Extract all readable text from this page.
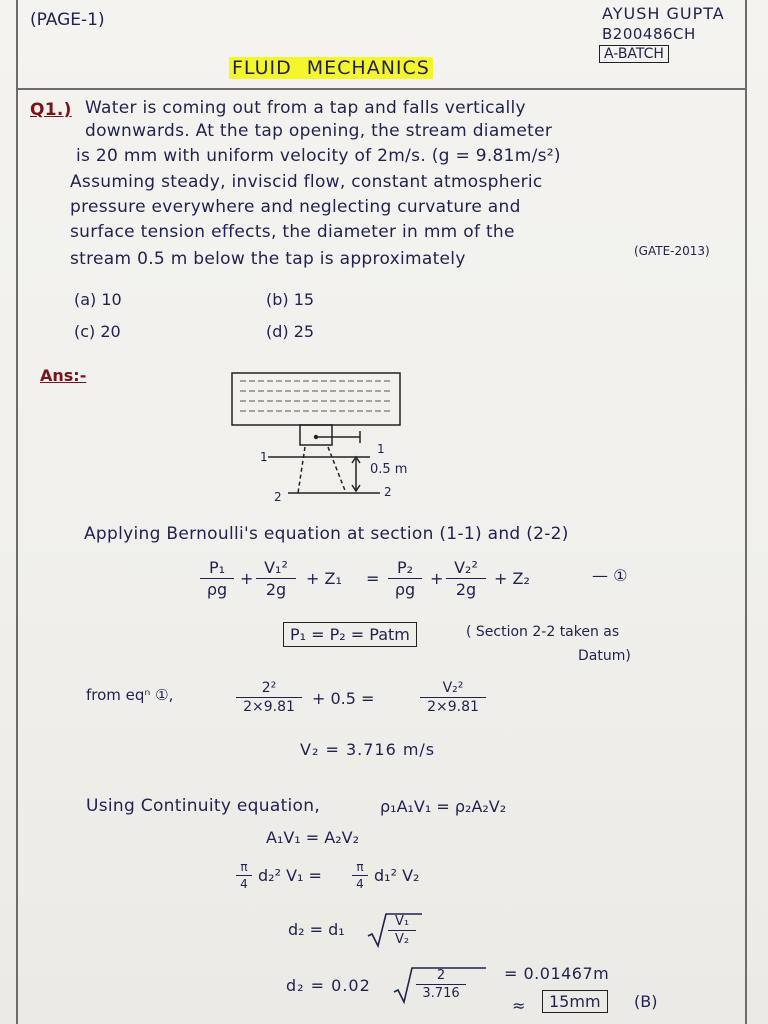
(PAGE-1)	AYUSH GUPTA
B200486CH
A-BATCH
FLUID MECHANICS
Q1.) Water is coming out from a tap and falls vertically
downwards. At the tap opening, the stream diameter
is 20 mm with uniform velocity of 2m/s. (g = 9.81m/s²)
Assuming steady, inviscid flow, constant atmospheric
pressure everywhere and neglecting curvature and
surface tension effects, the diameter in mm of the
stream 0.5 m below the tap is approximately	(GATE-2013)
(a) 10	(b) 15
(c) 20	(d) 25
Ans:-
1
1
0.5 m
2	2
Applying Bernoulli's equation at section (1-1) and (2-2)
$\frac{\text{P₁}}{\rho g} + \frac{\text{V₁²}}{2g} + Z_1 = \frac{\text{P₂}}{\rho g} + \frac{\text{V₂²}}{2g} + Z_2$	— ①
P₁ = P₂ = Patm	( Section 2-2 taken as
Datum)
from eqⁿ ①,	$\frac{\text{2²}}{2\times 9.81} + 0.5$ =	$\frac{\text{V₂²}}{2\times 9.81}$
V₂ = 3.716 m/s
Using Continuity equation,	ρ₁A₁V₁ = ρ₂A₂V₂
A₁V₁ = A₂V₂
$\frac{\pi}{4} d_2^2$ V₁ =	$\frac{\pi}{4} d_1^2$ V₂
d₂ = d₁	$\frac{\text{V₁}}{\text{V₂}}$
d₂ = 0.02	$\frac{2}{3.716} = 0.01467m$
≈	15mm	(B)
